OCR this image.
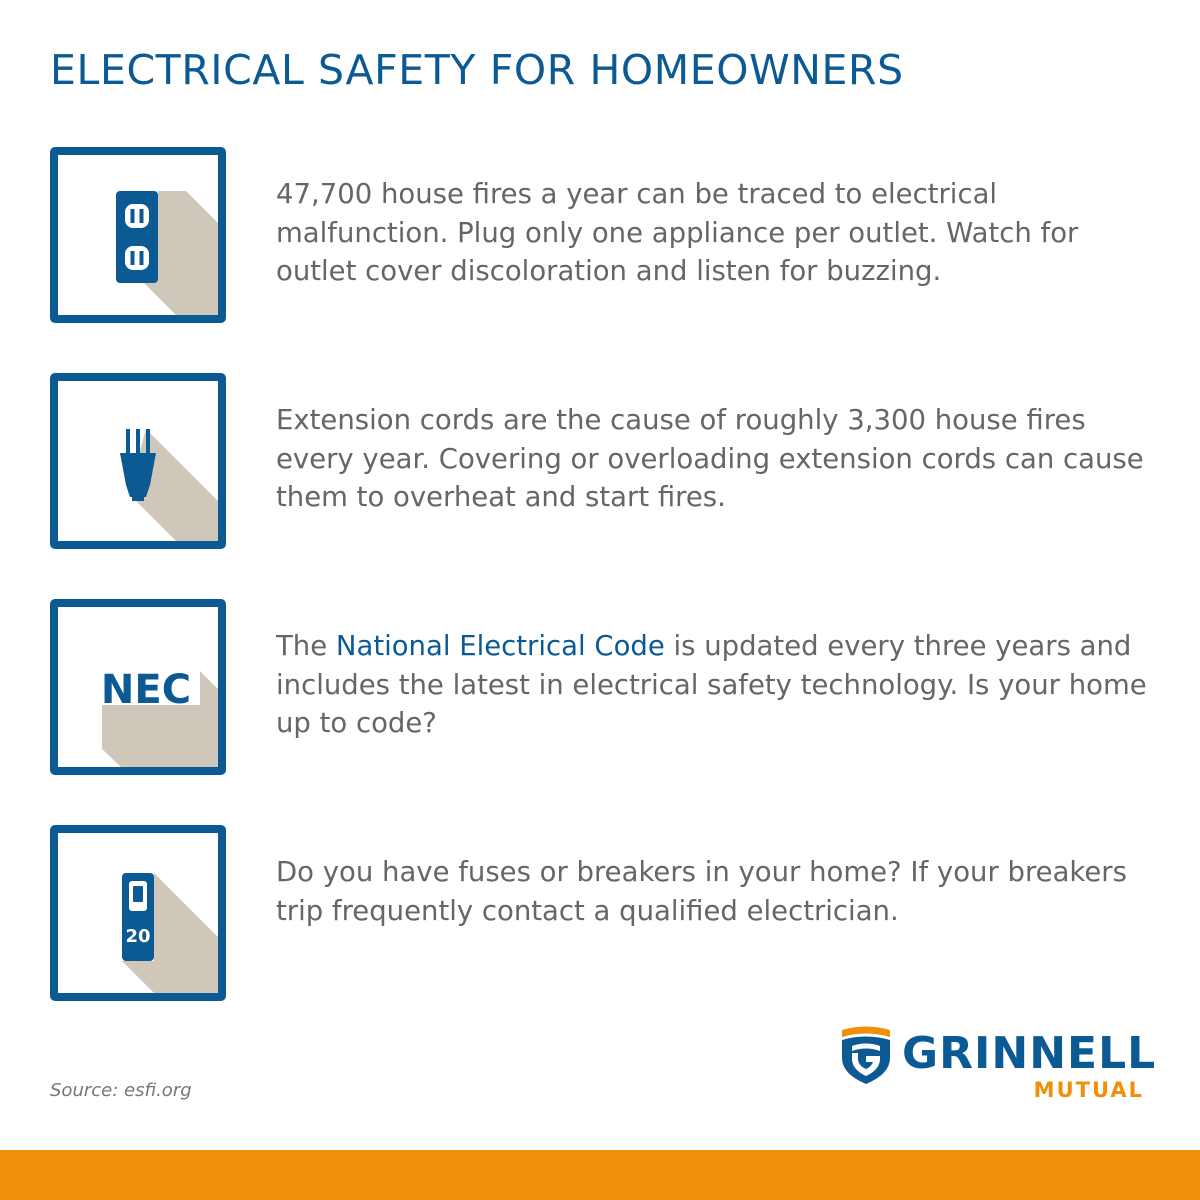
ELECTRICAL SAFETY FOR HOMEOWNERS
47,700 house fires a year can be traced to electrical malfunction. Plug only one appliance per outlet. Watch for outlet cover discoloration and listen for buzzing.
Extension cords are the cause of roughly 3,300 house fires every year. Covering or overloading extension cords can cause them to overheat and start fires.
NEC
The National Electrical Code is updated every three years and includes the latest in electrical safety technology. Is your home up to code?
20
Do you have fuses or breakers in your home? If your breakers trip frequently contact a qualified electrician.
Source: esfi.org
GRINNELL
MUTUAL
